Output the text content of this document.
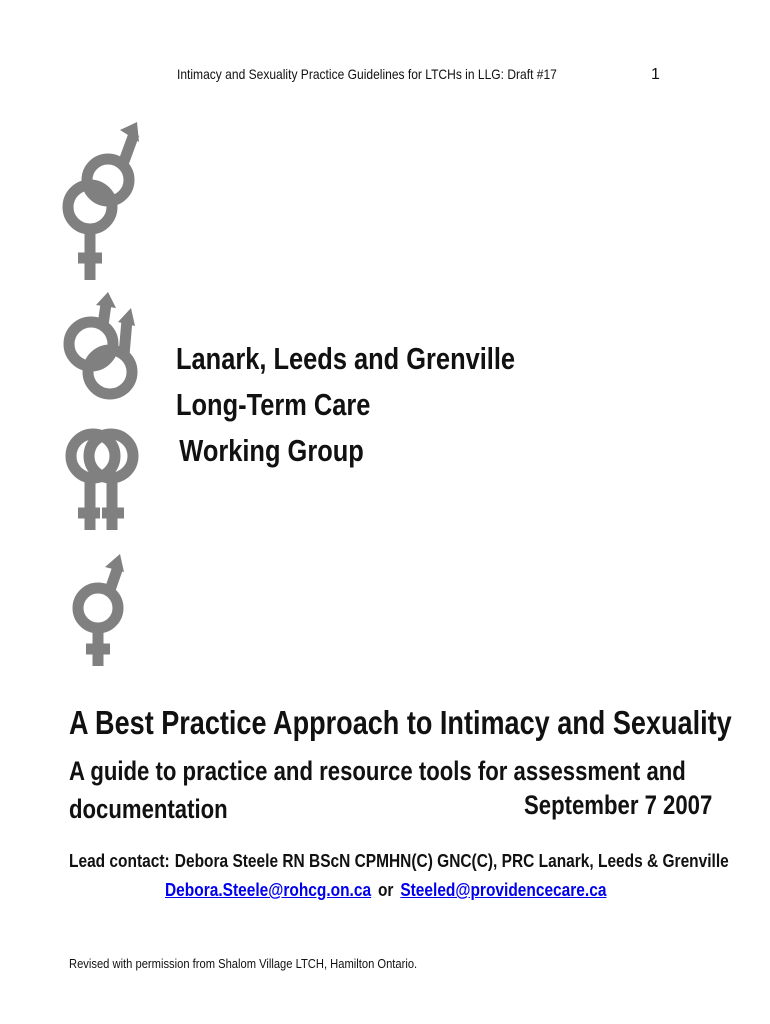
Intimacy and Sexuality Practice Guidelines for LTCHs in LLG: Draft #17	1
Lanark, Leeds and Grenville
Long-Term Care
Working Group
A Best Practice Approach to Intimacy and Sexuality
A guide to practice and resource tools for assessment and
documentation	September 7 2007
Lead contact: Debora Steele RN BScN CPMHN(C) GNC(C), PRC Lanark, Leeds & Grenville
Debora.Steele@rohcg.on.ca or Steeled@providencecare.ca
Revised with permission from Shalom Village LTCH, Hamilton Ontario.
